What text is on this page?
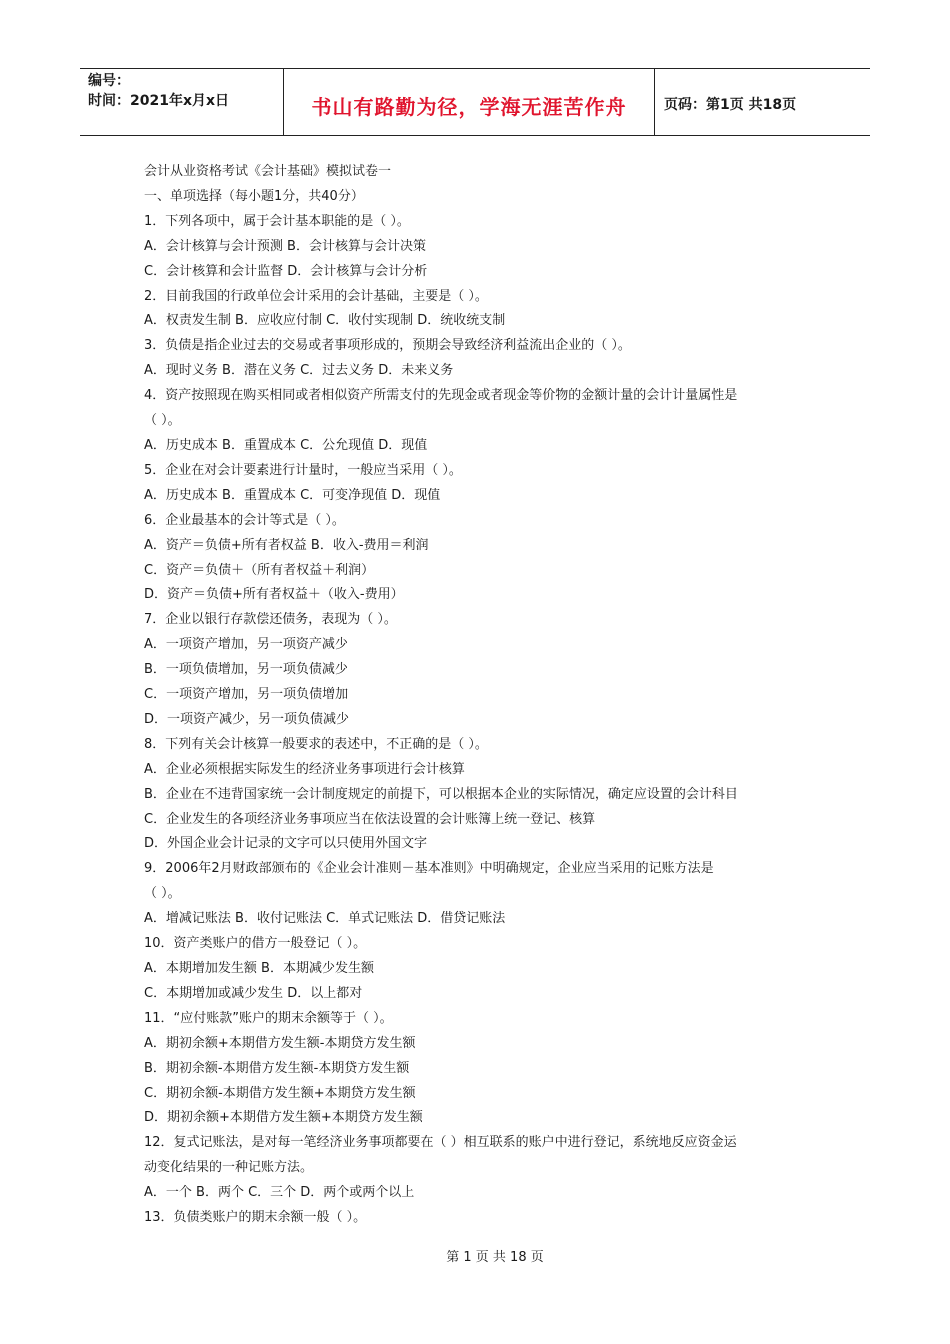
编号：
时间：2021年x月x日	书山有路勤为径，学海无涯苦作舟	页码：第1页 共18页
会计从业资格考试《会计基础》模拟试卷一
一、单项选择（每小题1分，共40分）
1．下列各项中，属于会计基本职能的是（ ）。
A．会计核算与会计预测 B．会计核算与会计决策
C．会计核算和会计监督 D．会计核算与会计分析
2．目前我国的行政单位会计采用的会计基础，主要是（ ）。
A．权责发生制 B．应收应付制 C．收付实现制 D．统收统支制
3．负债是指企业过去的交易或者事项形成的，预期会导致经济利益流出企业的（ ）。
A．现时义务 B．潜在义务 C．过去义务 D．未来义务
4．资产按照现在购买相同或者相似资产所需支付的先现金或者现金等价物的金额计量的会计计量属性是
（ ）。
A．历史成本 B．重置成本 C．公允现值 D．现值
5．企业在对会计要素进行计量时，一般应当采用（ ）。
A．历史成本 B．重置成本 C．可变净现值 D．现值
6．企业最基本的会计等式是（ ）。
A．资产＝负债+所有者权益 B．收入-费用＝利润
C．资产＝负债＋（所有者权益＋利润）
D．资产＝负债+所有者权益＋（收入-费用）
7．企业以银行存款偿还债务，表现为（ ）。
A．一项资产增加，另一项资产减少
B．一项负债增加，另一项负债减少
C．一项资产增加，另一项负债增加
D．一项资产减少，另一项负债减少
8．下列有关会计核算一般要求的表述中，不正确的是（ ）。
A．企业必须根据实际发生的经济业务事项进行会计核算
B．企业在不违背国家统一会计制度规定的前提下，可以根据本企业的实际情况，确定应设置的会计科目
C．企业发生的各项经济业务事项应当在依法设置的会计账簿上统一登记、核算
D．外国企业会计记录的文字可以只使用外国文字
9．2006年2月财政部颁布的《企业会计准则－基本准则》中明确规定，企业应当采用的记账方法是
（ ）。
A．增减记账法 B．收付记账法 C．单式记账法 D．借贷记账法
10．资产类账户的借方一般登记（ ）。
A．本期增加发生额 B．本期减少发生额
C．本期增加或减少发生 D．以上都对
11．“应付账款”账户的期末余额等于（ ）。
A．期初余额+本期借方发生额-本期贷方发生额
B．期初余额-本期借方发生额-本期贷方发生额
C．期初余额-本期借方发生额+本期贷方发生额
D．期初余额+本期借方发生额+本期贷方发生额
12．复式记账法，是对每一笔经济业务事项都要在（ ）相互联系的账户中进行登记，系统地反应资金运
动变化结果的一种记账方法。
A．一个 B．两个 C．三个 D．两个或两个以上
13．负债类账户的期末余额一般（ ）。
第 1 页 共 18 页
